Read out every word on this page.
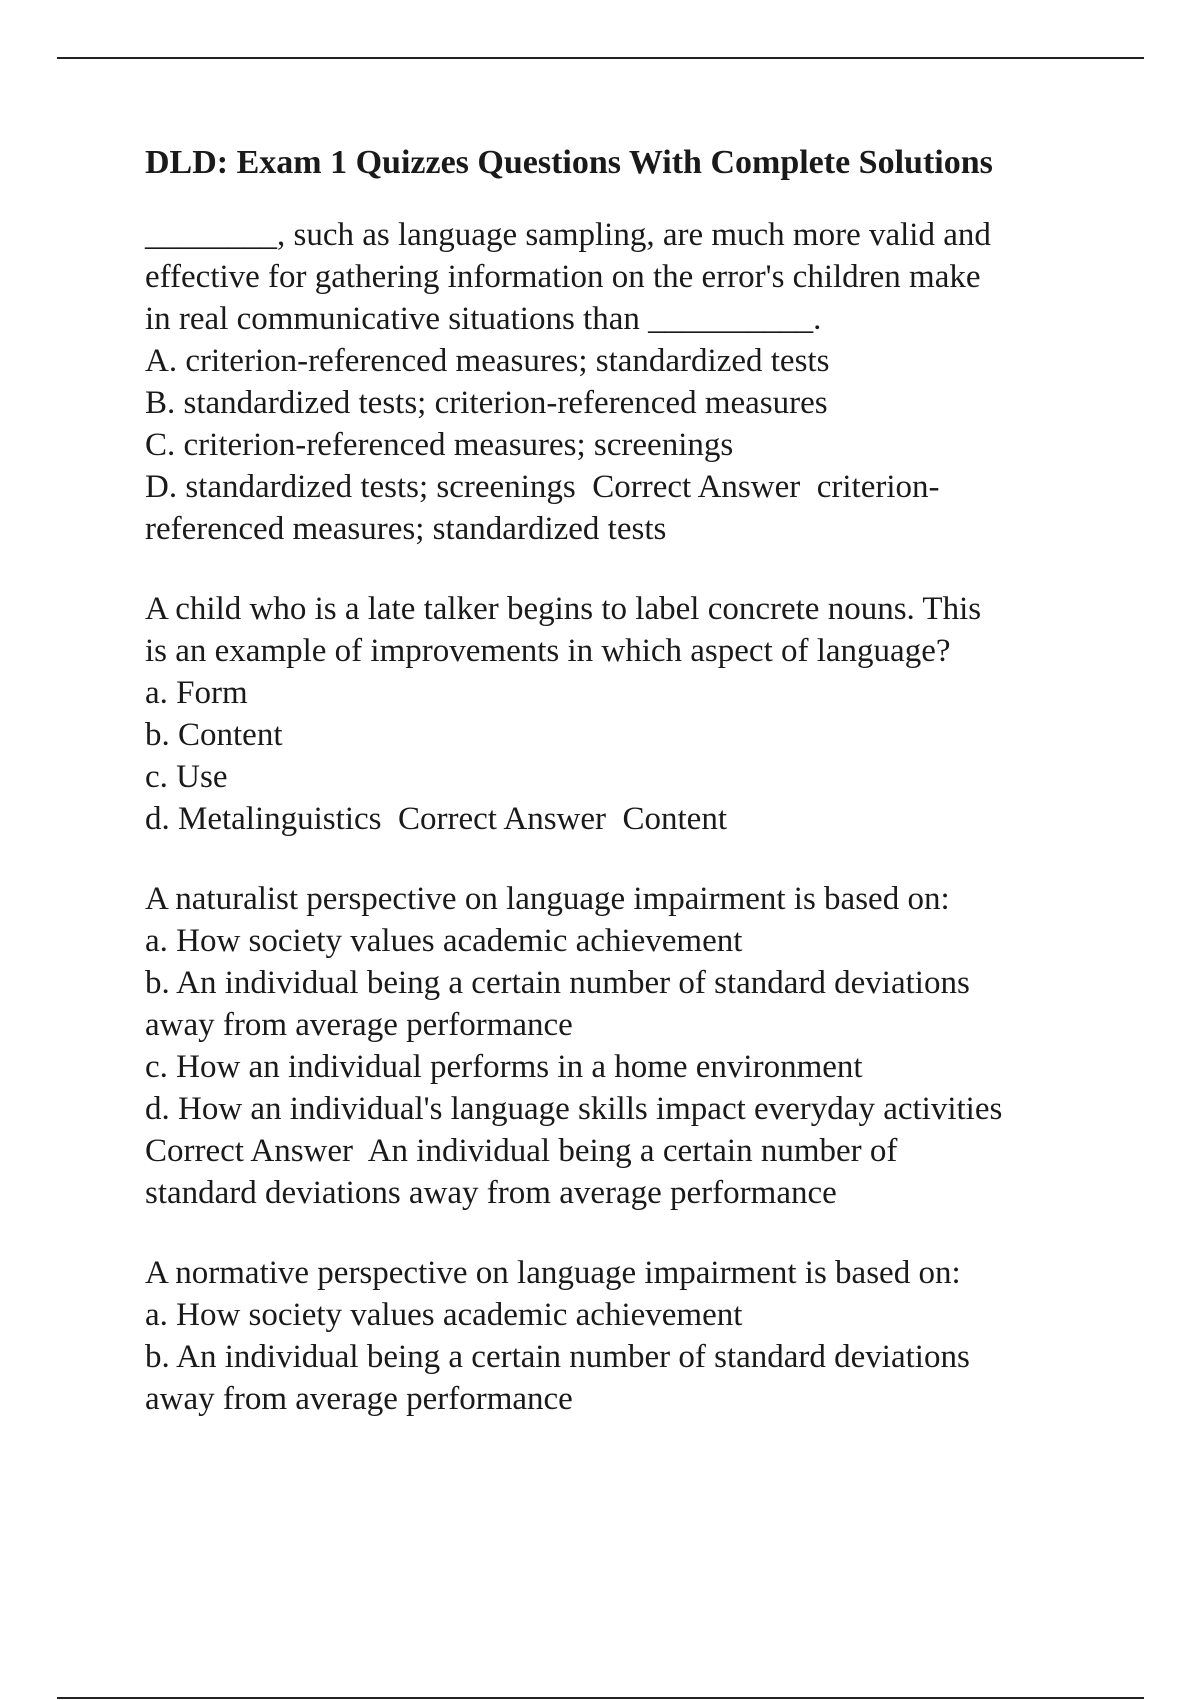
DLD: Exam 1 Quizzes Questions With Complete Solutions

________, such as language sampling, are much more valid and

effective for gathering information on the error's children make

in real communicative situations than __________.

A. criterion-referenced measures; standardized tests

B. standardized tests; criterion-referenced measures

C. criterion-referenced measures; screenings

D. standardized tests; screenings  Correct Answer  criterion-

referenced measures; standardized tests

A child who is a late talker begins to label concrete nouns. This

is an example of improvements in which aspect of language?

a. Form

b. Content

c. Use

d. Metalinguistics  Correct Answer  Content

A naturalist perspective on language impairment is based on:

a. How society values academic achievement

b. An individual being a certain number of standard deviations

away from average performance

c. How an individual performs in a home environment

d. How an individual's language skills impact everyday activities

Correct Answer  An individual being a certain number of

standard deviations away from average performance

A normative perspective on language impairment is based on:

a. How society values academic achievement

b. An individual being a certain number of standard deviations

away from average performance
